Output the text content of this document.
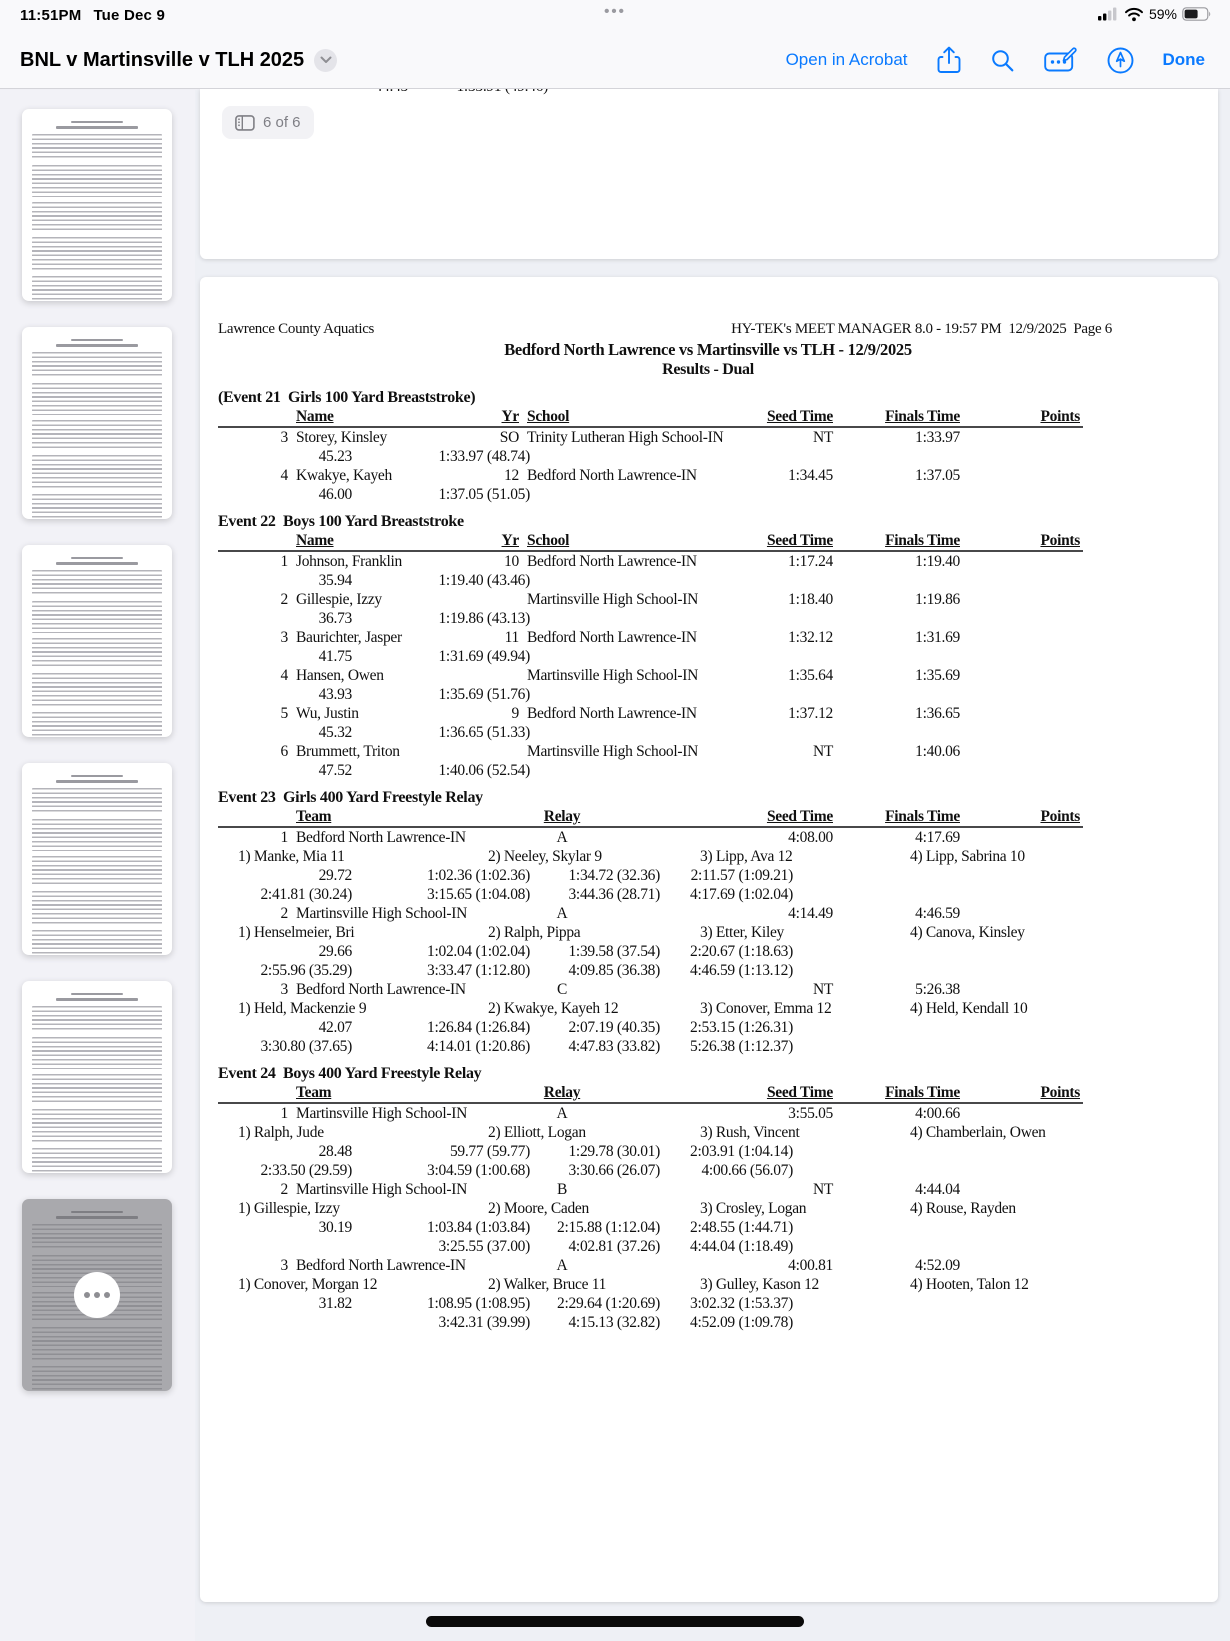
11:51PM Tue Dec 9	•••	59%
BNL v Martinsville v TLH 2025	Open in Acrobat	Done
6 of 6
Lawrence County Aquatics	HY-TEK's MEET MANAGER 8.0 - 19:57 PM  12/9/2025  Page 6
Bedford North Lawrence vs Martinsville vs TLH - 12/9/2025
Results - Dual
(Event 21  Girls 100 Yard Breaststroke)
Name	Yr School	Seed Time	Finals Time	Points
3 Storey, Kinsley	SO Trinity Lutheran High School-IN	NT	1:33.97
45.23	1:33.97 (48.74)
4 Kwakye, Kayeh	12 Bedford North Lawrence-IN	1:34.45	1:37.05
46.00	1:37.05 (51.05)
Event 22  Boys 100 Yard Breaststroke
Name	Yr School	Seed Time	Finals Time	Points
1 Johnson, Franklin	10 Bedford North Lawrence-IN	1:17.24	1:19.40
35.94	1:19.40 (43.46)
2 Gillespie, Izzy	Martinsville High School-IN	1:18.40	1:19.86
36.73	1:19.86 (43.13)
3 Baurichter, Jasper	11 Bedford North Lawrence-IN	1:32.12	1:31.69
41.75	1:31.69 (49.94)
4 Hansen, Owen	Martinsville High School-IN	1:35.64	1:35.69
43.93	1:35.69 (51.76)
5 Wu, Justin	9 Bedford North Lawrence-IN	1:37.12	1:36.65
45.32	1:36.65 (51.33)
6 Brummett, Triton	Martinsville High School-IN	NT	1:40.06
47.52	1:40.06 (52.54)
Event 23  Girls 400 Yard Freestyle Relay
Team	Relay	Seed Time	Finals Time	Points
1 Bedford North Lawrence-IN	A	4:08.00	4:17.69
1) Manke, Mia 11	2) Neeley, Skylar 9	3) Lipp, Ava 12	4) Lipp, Sabrina 10
29.72	1:02.36 (1:02.36)	1:34.72 (32.36)	2:11.57 (1:09.21)
2:41.81 (30.24)	3:15.65 (1:04.08)	3:44.36 (28.71)	4:17.69 (1:02.04)
2 Martinsville High School-IN	A	4:14.49	4:46.59
1) Henselmeier, Bri	2) Ralph, Pippa	3) Etter, Kiley	4) Canova, Kinsley
29.66	1:02.04 (1:02.04)	1:39.58 (37.54)	2:20.67 (1:18.63)
2:55.96 (35.29)	3:33.47 (1:12.80)	4:09.85 (36.38)	4:46.59 (1:13.12)
3 Bedford North Lawrence-IN	C	NT	5:26.38
1) Held, Mackenzie 9	2) Kwakye, Kayeh 12	3) Conover, Emma 12	4) Held, Kendall 10
42.07	1:26.84 (1:26.84)	2:07.19 (40.35)	2:53.15 (1:26.31)
3:30.80 (37.65)	4:14.01 (1:20.86)	4:47.83 (33.82)	5:26.38 (1:12.37)
Event 24  Boys 400 Yard Freestyle Relay
Team	Relay	Seed Time	Finals Time	Points
1 Martinsville High School-IN	A	3:55.05	4:00.66
1) Ralph, Jude	2) Elliott, Logan	3) Rush, Vincent	4) Chamberlain, Owen
28.48	59.77 (59.77)	1:29.78 (30.01)	2:03.91 (1:04.14)
2:33.50 (29.59)	3:04.59 (1:00.68)	3:30.66 (26.07)	4:00.66 (56.07)
2 Martinsville High School-IN	B	NT	4:44.04
1) Gillespie, Izzy	2) Moore, Caden	3) Crosley, Logan	4) Rouse, Rayden
30.19	1:03.84 (1:03.84)	2:15.88 (1:12.04)	2:48.55 (1:44.71)
3:25.55 (37.00)	4:02.81 (37.26)	4:44.04 (1:18.49)
3 Bedford North Lawrence-IN	A	4:00.81	4:52.09
1) Conover, Morgan 12	2) Walker, Bruce 11	3) Gulley, Kason 12	4) Hooten, Talon 12
31.82	1:08.95 (1:08.95)	2:29.64 (1:20.69)	3:02.32 (1:53.37)
3:42.31 (39.99)	4:15.13 (32.82)	4:52.09 (1:09.78)
